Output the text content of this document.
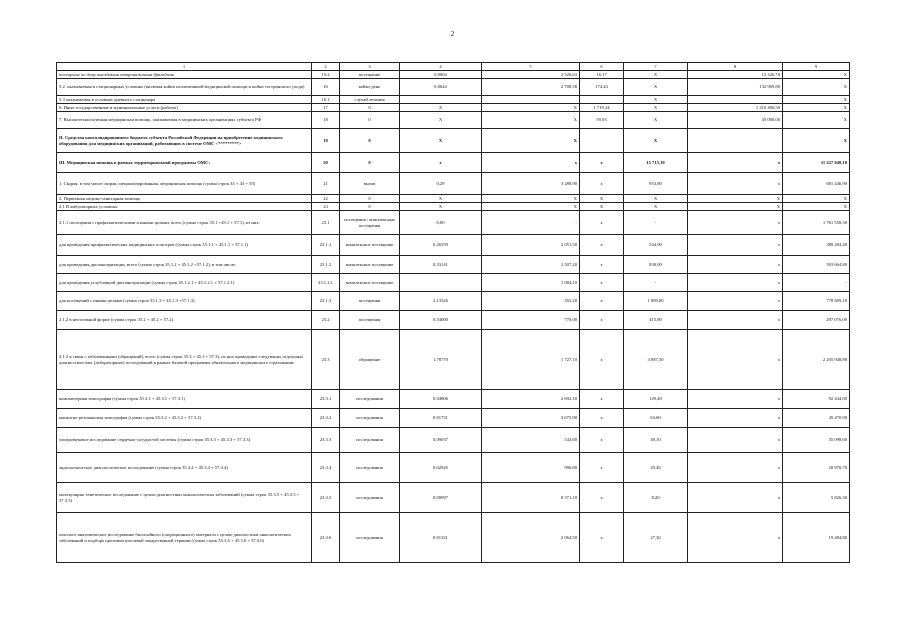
2
1	2	3	4	5	6	7	8	9	
посещение по дому выездными патронажными бригадами	15.2	посещение	0,0064	2 526,63	16,17	X	12 326,70	X	
5.2. оказываемая в стационарных условиях (включая койки паллиативной медицинской помощи и койки сестринского ухода)	16	койко-день	0,0644	2 708,58	174,43	X	132 969,80	X	
5.3 оказываемая в условиях дневного стационара	16.1	случай лечения				X		X	
6. Иные государственные и муниципальные услуги (работы)	17	0	X	X	1 719,14	X	1 310 496,50	X	
7. Высокотехнологичная медицинская помощь, оказываемая в медицинских организациях субъекта РФ	18	0	X	X	59,03	X	45 000,00	X	
II. Средства консолидированного бюджета субъекта Российской Федерации на приобретение медицинского оборудования для медицинских организаций, работающих в системе ОМС <*********>	19	0	X	X		X		X	
III. Медицинская помощь в рамках территориальной программы ОМС:	20	0	x	x	x	15 715,10	x	11 227 948,10	
1. Скорая, в том числе скорая специализированная, медицинская помощь (сумма строк 33 + 43 + 55)	21	вызов	0,29	3 288,90	x	953,80	x	681 446,90	
2. Первичная медико-санитарная помощь	22	0	X	X	X	X	X	X	
2.1 В амбулаторных условиях:	23	0	X	X	X	X	X	X	
2.1.1 посещения с профилактическими и иными целями, всего (сумма строк 35.1 +45.1 + 57.1), из них:	23.1	посещения / комплексные посещения	0,00	-	x	-	x	1 761 558,30	
для проведения профилактических медицинских осмотров (сумма строк 35.1.1 + 45.1.1 + 57.1.1)	23.1.1	комплексное посещение	0,26559	2 051,50	x	544,90	x	389 284,40	
для проведения диспансеризации, всего (сумма строк 35.1.2 + 45.1.2 +57.1.2), в том числе:	23.1.2	комплексное посещение	0,33141	2 507,20	x	830,90	x	593 664,80	
для проведения углубленной диспансеризации (сумма строк 35.1.2.1 + 45.1.2.1 + 57.1.2.1)	23.1.2.1	комплексное посещение		1 084,10	x	-	x	-	
для посещений с иными целями (сумма строк 35.1.3 + 45.1.3 +57.1.3)	23.1.3	посещения	2,13326	355,20	x	1 089,80	x	778 609,10	
2.1.2 в неотложной форме (сумма строк 35.2 + 45.2 + 57.2)	23.2	посещения	0,54000	770,00	x	415,80	x	297 076,00	
2.1.3 в связи с заболеваниями (обращений), всего (сумма строк 35.3 + 45.3 + 57.3), из них проведение следующих отдельных диагностических (лабораторных) исследований в рамках базовой программы обязательного медицинского страхования:	23.3	обращение	1,78770	1 727,10	x	3 087,50	x	2 205 948,80	
компьютерная томография (сумма строк 35.3.1 + 45.3.1 + 57.3.1)	23.3.1	исследования	0,04806	2 692,10	x	129,40	x	92 444,00	
магнитно-резонансная томография (сумма строк 35.3.2 + 45.3.2 + 57.3.2)	23.3.2	исследования	0,01731	3 675,90	x	63,60	x	45 470,90	
ультразвуковое исследование сердечно-сосудистой системы (сумма строк 35.3.3 + 45.3.3 + 57.3.3)	23.3.3	исследования	0,09037	543,60	x	49,10	x	35 098,60	
эндоскопическое диагностическое исследование (сумма строк 35.3.4 + 45.3.4 + 57.3.4)	23.3.4	исследования	0,02945	996,80	x	29,40	x	20 970,70	
молекулярно-генетическое исследование с целью диагностики онкологических заболеваний (сумма строк 35.3.5 + 45.3.5 + 57.3.5)	23.3.5	исследования	0,00097	8 371,10	x	8,20	x	5 826,30	
патолого-анатомическое исследование биопсийного (операционного) материала с целью диагностики онкологических заболеваний и подбора противоопухолевой лекарственной терапии (сумма строк 35.3.6 + 45.3.6 + 57.3.6)	23.3.6	исследования	0,01321	2 064,50	x	27,30	x	19 484,80	
